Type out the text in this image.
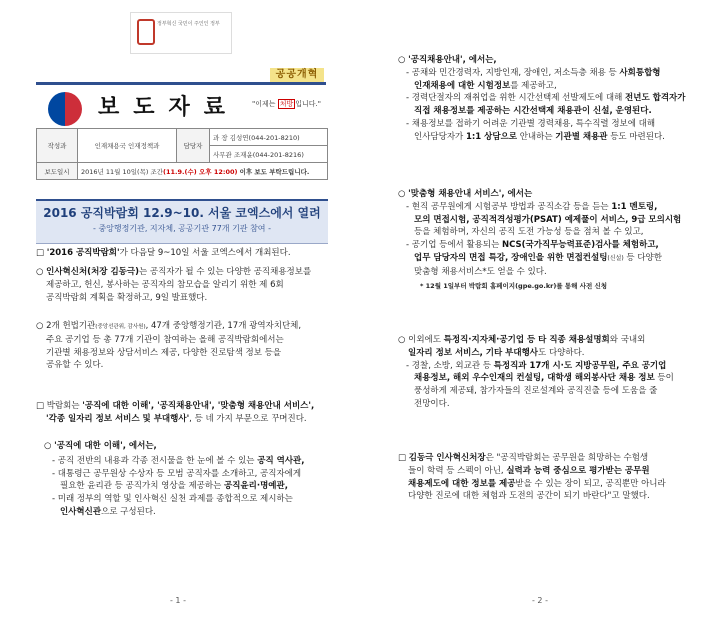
정부혁신 국민이 주인인 정부
공공개혁
보도자료 "이제는 처방 입니다."
작성과	인재채용국 인재정책과	담당자	과 장 김성연(044-201-8210)
			사무관 조재윤(044-201-8216)
보도일시	2016년 11월 10일(목) 조간(11.9.(수) 오후 12:00) 이후 보도 부탁드립니다.		
2016 공직박람회 12.9~10. 서울 코엑스에서 열려
- 중앙행정기관, 지자체, 공공기관 77개 기관 참여 -
□ '2016 공직박람회'가 다음달 9~10일 서울 코엑스에서 개최된다.
○ 인사혁신처(처장 김동극)는 공직자가 될 수 있는 다양한 공직채용정보를
제공하고, 헌신, 봉사하는 공직자의 참모습을 알리기 위한 제 6회
공직박람회 계획을 확정하고, 9일 발표했다.
○ 2개 헌법기관(중앙선관위, 감사원), 47개 중앙행정기관, 17개 광역자치단체,
주요 공기업 등 총 77개 기관이 참여하는 올해 공직박람회에서는
기관별 채용정보와 상담서비스 제공, 다양한 진로탐색 정보 등을
공유할 수 있다.
□ 박람회는 '공직에 대한 이해', '공직채용안내', '맞춤형 채용안내 서비스',
'각종 일자리 정보 서비스 및 부대행사', 등 네 가지 부문으로 꾸며진다.
○ '공직에 대한 이해', 에서는,
- 공직 전반의 내용과 각종 전시물을 한 눈에 볼 수 있는 공직 역사관,
- 대통령근 공무원상 수상자 등 모범 공직자를 소개하고, 공직자에게
필요한 윤리관 등 공직가치 영상을 제공하는 공직윤리·명예관,
- 미래 정부의 역할 및 인사혁신 실천 과제를 종합적으로 제시하는
인사혁신관으로 구성된다.
- 1 -
○ '공직채용안내', 에서는,
- 공채와 민간경력자, 지방인재, 장애인, 저소득층 채용 등 사회통합형
인재채용에 대한 시험정보를 제공하고,
- 경력단절자의 재취업을 위한 시간선택제 선발제도에 대해 전년도 합격자가
직접 채용정보를 제공하는 시간선택제 채용관이 신설, 운영된다.
- 채용정보를 접하기 어려운 기관별 경력채용, 특수직렬 정보에 대해
인사담당자가 1:1 상담으로 안내하는 기관별 채용관 등도 마련된다.
○ '맞춤형 채용안내 서비스', 에서는
- 현직 공무원에게 시험공부 방법과 공직소감 등을 듣는 1:1 멘토링,
모의 면접시험, 공직적격성평가(PSAT) 예제풀이 서비스, 9급 모의시험
등을 체험하며, 자신의 공직 도전 가능성 등을 점쳐 볼 수 있고,
- 공기업 등에서 활용되는 NCS(국가직무능력표준)검사를 체험하고,
업무 담당자의 면접 특강, 장애인을 위한 면접컨설팅(신설) 등 다양한
맞춤형 채용서비스*도 얻을 수 있다.
* 12월 1일부터 박람회 홈페이지(gpe.go.kr)를 통해 사전 신청
○ 이외에도 특정직·지자체·공기업 등 타 직종 채용설명회와 국내외
일자리 정보 서비스, 기타 부대행사도 다양하다.
- 경찰, 소방, 외교관 등 특정직과 17개 시·도 지방공무원, 주요 공기업
채용정보, 해외 우수인재의 컨설팅, 대학생 해외봉사단 채용 정보 등이
풍성하게 제공돼, 참가자들의 진로설계와 공직진출 등에 도움을 줄
전망이다.
□ 김동극 인사혁신처장은 "공직박람회는 공무원을 희망하는 수험생
들이 학력 등 스펙이 아닌, 실력과 능력 중심으로 평가받는 공무원
채용제도에 대한 정보를 제공받을 수 있는 장이 되고, 공직뿐만 아니라
다양한 진로에 대한 체험과 도전의 공간이 되기 바란다"고 말했다.
- 2 -
